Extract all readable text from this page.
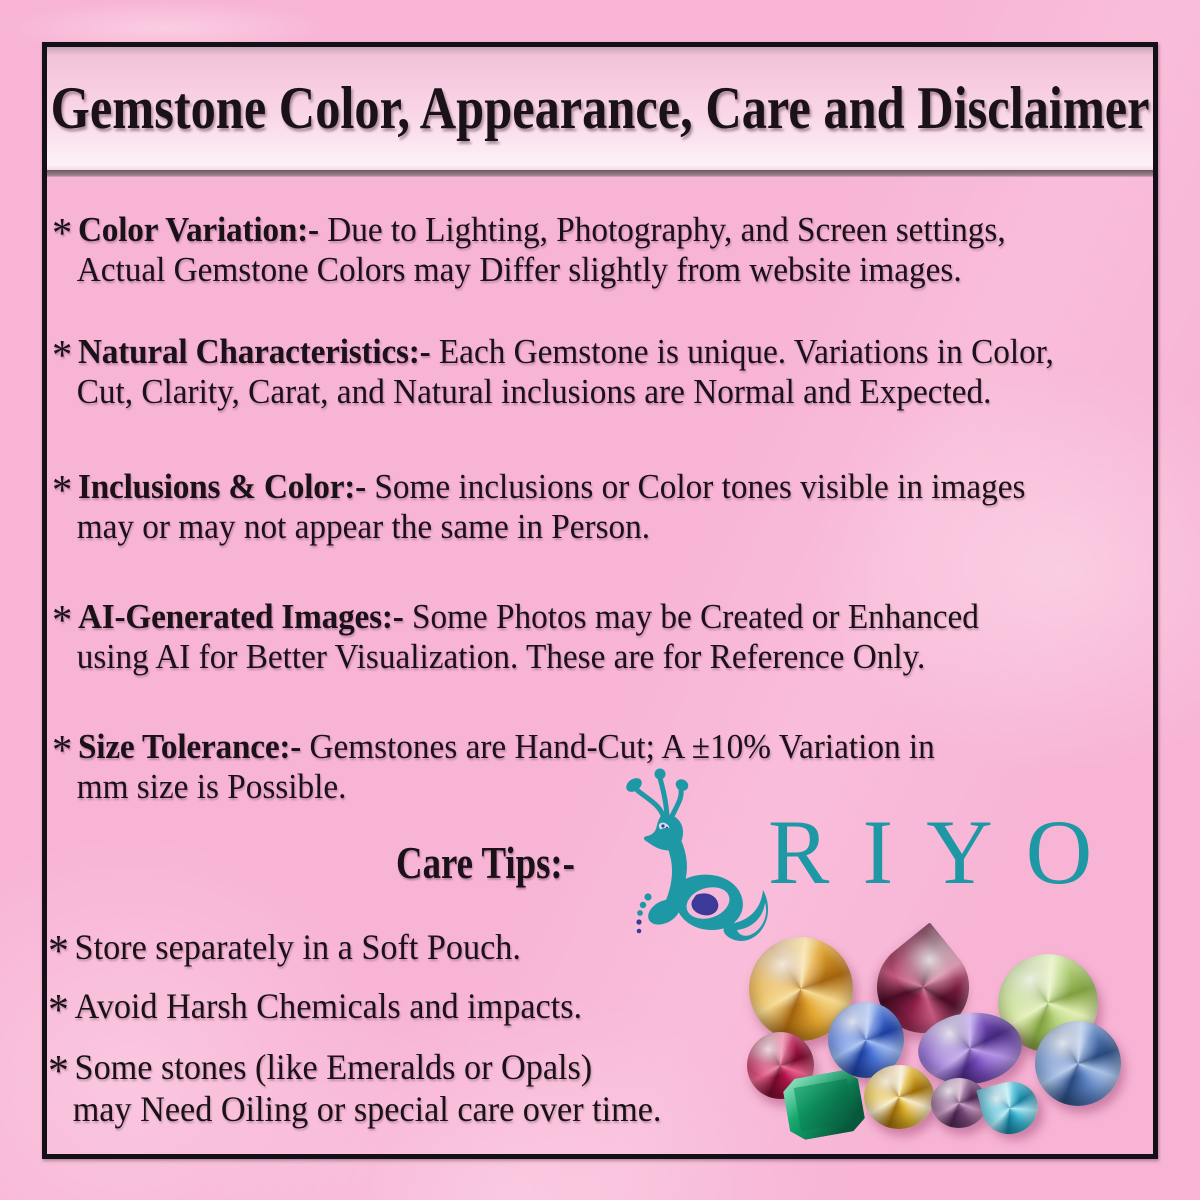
Gemstone Color, Appearance, Care and Disclaimer
* Color Variation:- Due to Lighting, Photography, and Screen settings,
Actual Gemstone Colors may Differ slightly from website images.
* Natural Characteristics:- Each Gemstone is unique. Variations in Color,
Cut, Clarity, Carat, and Natural inclusions are Normal and Expected.
* Inclusions & Color:- Some inclusions or Color tones visible in images
may or may not appear the same in Person.
* AI-Generated Images:- Some Photos may be Created or Enhanced
using AI for Better Visualization. These are for Reference Only.
* Size Tolerance:- Gemstones are Hand-Cut; A ±10% Variation in
mm size is Possible.
Care Tips:-
* Store separately in a Soft Pouch.
* Avoid Harsh Chemicals and impacts.
* Some stones (like Emeralds or Opals)
may Need Oiling or special care over time.
RIYO
